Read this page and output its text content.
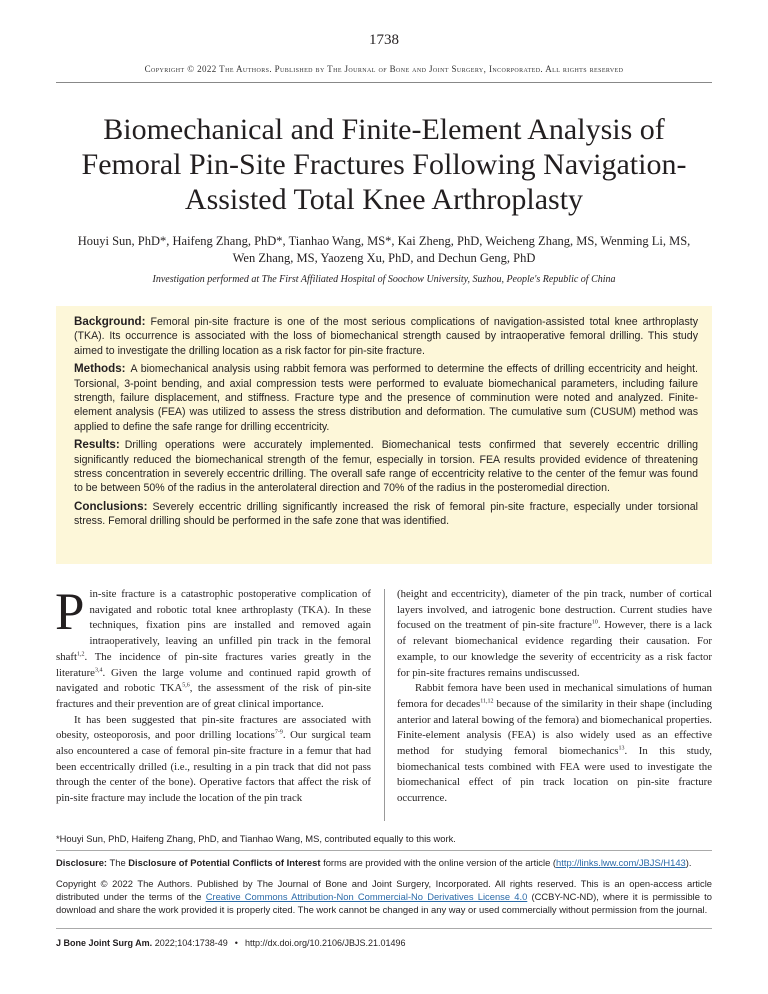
1738
Copyright © 2022 The Authors. Published by The Journal of Bone and Joint Surgery, Incorporated. All rights reserved
Biomechanical and Finite-Element Analysis of Femoral Pin-Site Fractures Following Navigation-Assisted Total Knee Arthroplasty
Houyi Sun, PhD*, Haifeng Zhang, PhD*, Tianhao Wang, MS*, Kai Zheng, PhD, Weicheng Zhang, MS, Wenming Li, MS,
Wen Zhang, MS, Yaozeng Xu, PhD, and Dechun Geng, PhD
Investigation performed at The First Affiliated Hospital of Soochow University, Suzhou, People's Republic of China

Background: Femoral pin-site fracture is one of the most serious complications of navigation-assisted total knee arthroplasty (TKA). Its occurrence is associated with the loss of biomechanical strength caused by intraoperative femoral drilling. This study aimed to investigate the drilling location as a risk factor for pin-site fracture.

Methods: A biomechanical analysis using rabbit femora was performed to determine the effects of drilling eccentricity and height. Torsional, 3-point bending, and axial compression tests were performed to evaluate biomechanical parameters, including failure strength, failure displacement, and stiffness. Fracture type and the presence of comminution were noted and analyzed. Finite-element analysis (FEA) was utilized to assess the stress distribution and deformation. The cumulative sum (CUSUM) method was applied to define the safe range for drilling eccentricity.

Results: Drilling operations were accurately implemented. Biomechanical tests confirmed that severely eccentric drilling significantly reduced the biomechanical strength of the femur, especially in torsion. FEA results provided evidence of threatening stress concentration in severely eccentric drilling. The overall safe range of eccentricity relative to the center of the femur was found to be between 50% of the radius in the anterolateral direction and 70% of the radius in the posteromedial direction.

Conclusions: Severely eccentric drilling significantly increased the risk of femoral pin-site fracture, especially under torsional stress. Femoral drilling should be performed in the safe zone that was identified.

Pin-site fracture is a catastrophic postoperative complication of navigated and robotic total knee arthroplasty (TKA). In these techniques, fixation pins are installed and removed again intraoperatively, leaving an unfilled pin track in the femoral shaft$^{1,2}$. The incidence of pin-site fractures varies greatly in the literature$^{3,4}$. Given the large volume and continued rapid growth of navigated and robotic TKA$^{5,6}$, the assessment of the risk of pin-site fractures and their prevention are of great clinical importance.

It has been suggested that pin-site fractures are associated with obesity, osteoporosis, and poor drilling locations$^{7-9}$. Our surgical team also encountered a case of femoral pin-site fracture in a femur that had been eccentrically drilled (i.e., resulting in a pin track that did not pass through the center of the bone). Operative factors that affect the risk of pin-site fracture may include the location of the pin track

(height and eccentricity), diameter of the pin track, number of cortical layers involved, and iatrogenic bone destruction. Current studies have focused on the treatment of pin-site fracture$^{10}$. However, there is a lack of relevant biomechanical evidence regarding their causation. For example, to our knowledge the severity of eccentricity as a risk factor for pin-site fractures remains undiscussed.

Rabbit femora have been used in mechanical simulations of human femora for decades$^{11,12}$ because of the similarity in their shape (including anterior and lateral bowing of the femora) and biomechanical properties. Finite-element analysis (FEA) is also widely used as an effective method for studying femoral biomechanics$^{13}$. In this study, biomechanical tests combined with FEA were used to investigate the biomechanical effect of pin track location on pin-site fracture occurrence.

*Houyi Sun, PhD, Haifeng Zhang, PhD, and Tianhao Wang, MS, contributed equally to this work.
Disclosure: The Disclosure of Potential Conflicts of Interest forms are provided with the online version of the article (http://links.lww.com/JBJS/H143).
Copyright © 2022 The Authors. Published by The Journal of Bone and Joint Surgery, Incorporated. All rights reserved. This is an open-access article distributed under the terms of the Creative Commons Attribution-Non Commercial-No Derivatives License 4.0 (CCBY-NC-ND), where it is permissible to download and share the work provided it is properly cited. The work cannot be changed in any way or used commercially without permission from the journal.
J Bone Joint Surg Am. 2022;104:1738-49 • http://dx.doi.org/10.2106/JBJS.21.01496
